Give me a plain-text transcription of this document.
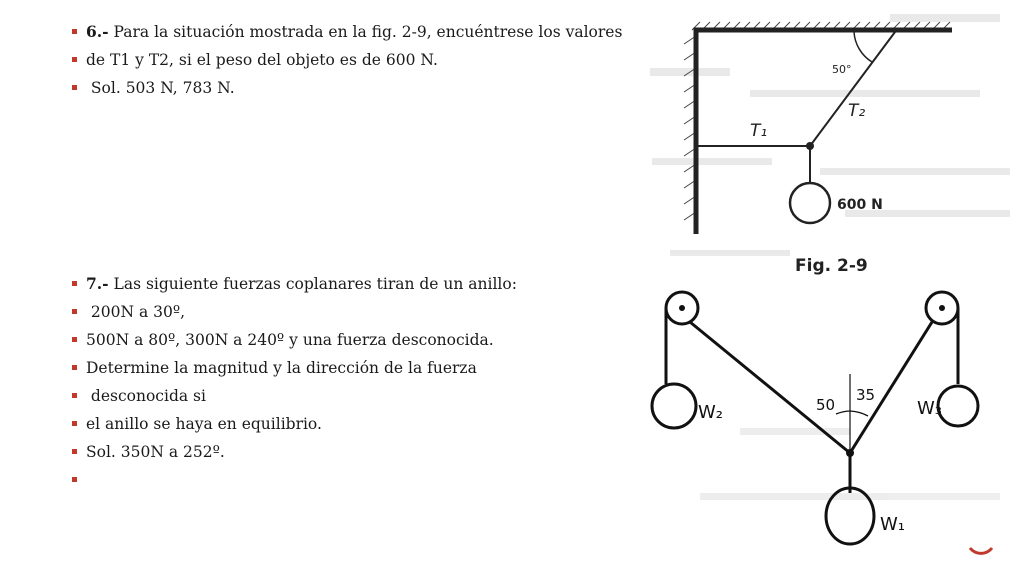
6.- Para la situación mostrada en la fig. 2-9, encuéntrese los valores
de T1 y T2, si el peso del objeto es de 600 N.
Sol. 503 N, 783 N.
7.- Las siguiente fuerzas coplanares tiran de un anillo:
200N a 30º,
500N a 80º, 300N a 240º y una fuerza desconocida.
Determine la magnitud y la dirección de la fuerza
desconocida si
el anillo se haya en equilibrio.
Sol. 350N a 252º.
50°
T₁
T₂
600 N
Fig. 2-9
W₂	W₃
W₁
50
35
